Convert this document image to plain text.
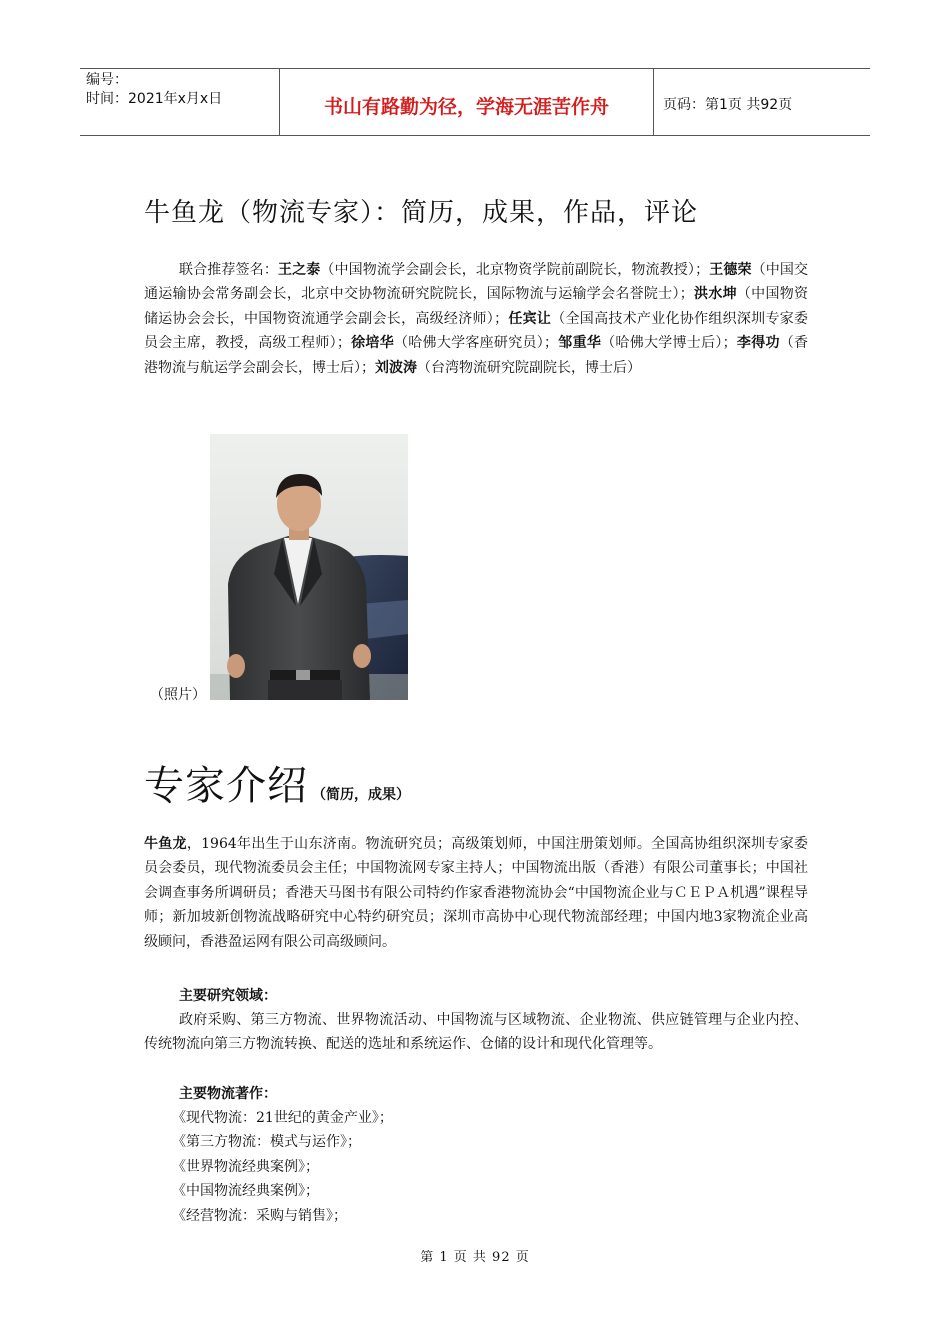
编号：
时间：2021年x月x日	书山有路勤为径，学海无涯苦作舟	页码：第1页 共92页
牛鱼龙（物流专家）：简历，成果，作品，评论
联合推荐签名：王之泰（中国物流学会副会长，北京物资学院前副院长，物流教授）；王德荣（中国交通运输协会常务副会长，北京中交协物流研究院院长，国际物流与运输学会名誉院士）；洪水坤（中国物资储运协会会长，中国物资流通学会副会长，高级经济师）；任宾让（全国高技术产业化协作组织深圳专家委员会主席，教授，高级工程师）；徐培华（哈佛大学客座研究员）；邹重华（哈佛大学博士后）；李得功（香港物流与航运学会副会长，博士后）；刘波涛（台湾物流研究院副院长，博士后）
（照片）
专家介绍 （简历，成果）
牛鱼龙，1964年出生于山东济南。物流研究员；高级策划师，中国注册策划师。全国高协组织深圳专家委员会委员，现代物流委员会主任；中国物流网专家主持人；中国物流出版（香港）有限公司董事长；中国社会调查事务所调研员；香港天马图书有限公司特约作家香港物流协会“中国物流企业与ＣＥＰＡ机遇”课程导师；新加坡新创物流战略研究中心特约研究员；深圳市高协中心现代物流部经理；中国内地3家物流企业高级顾问，香港盈运网有限公司高级顾问。
主要研究领域：
政府采购、第三方物流、世界物流活动、中国物流与区域物流、企业物流、供应链管理与企业内控、传统物流向第三方物流转换、配送的选址和系统运作、仓储的设计和现代化管理等。
主要物流著作：
《现代物流：21世纪的黄金产业》；
《第三方物流：模式与运作》；
《世界物流经典案例》；
《中国物流经典案例》；
《经营物流：采购与销售》；
第 1 页 共 92 页
